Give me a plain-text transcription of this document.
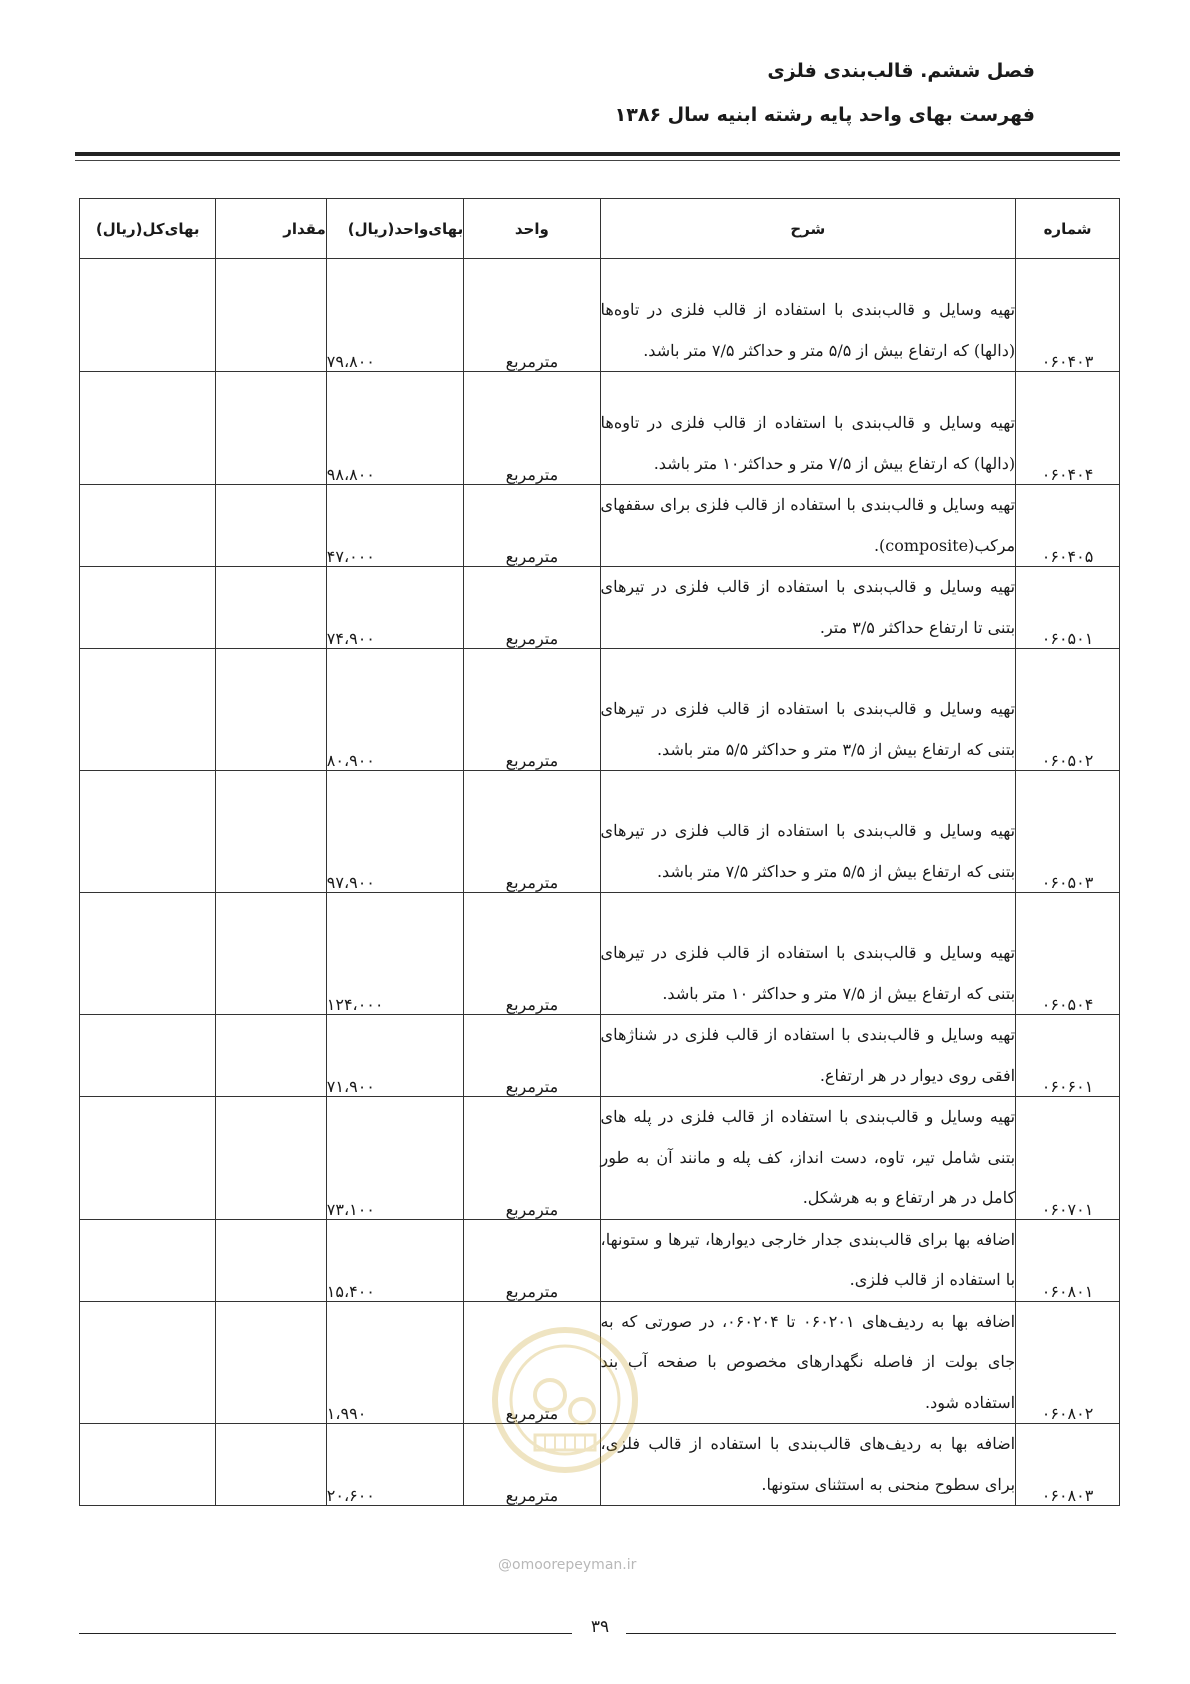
فصل ششم. قالب‌بندی فلزی
فهرست بهای واحد پایه رشته ابنیه سال ۱۳۸۶
شماره	شرح	واحد	بهای‌واحد(ریال)	مقدار	بهای‌کل(ریال)
۰۶۰۴۰۳	تهیه وسایل و قالب‌بندی با استفاده از قالب فلزی در تاوه‌ها (دالها) که ارتفاع بیش از ۵/۵ متر و حداکثر ۷/۵ متر باشد.	مترمربع	۷۹،۸۰۰		
۰۶۰۴۰۴	تهیه وسایل و قالب‌بندی با استفاده از قالب فلزی در تاوه‌ها (دالها) که ارتفاع بیش از ۷/۵ متر و حداکثر۱۰ متر باشد.	مترمربع	۹۸،۸۰۰		
۰۶۰۴۰۵	تهیه وسایل و قالب‌بندی با استفاده از قالب فلزی برای سقفهای مرکب(composite).	مترمربع	۴۷،۰۰۰		
۰۶۰۵۰۱	تهیه وسایل و قالب‌بندی با استفاده از قالب فلزی در تیرهای بتنی تا ارتفاع حداکثر ۳/۵ متر.	مترمربع	۷۴،۹۰۰		
۰۶۰۵۰۲	تهیه وسایل و قالب‌بندی با استفاده از قالب فلزی در تیرهای بتنی که ارتفاع بیش از ۳/۵ متر و حداکثر ۵/۵ متر باشد.	مترمربع	۸۰،۹۰۰		
۰۶۰۵۰۳	تهیه وسایل و قالب‌بندی با استفاده از قالب فلزی در تیرهای بتنی که ارتفاع بیش از ۵/۵ متر و حداکثر ۷/۵ متر باشد.	مترمربع	۹۷،۹۰۰		
۰۶۰۵۰۴	تهیه وسایل و قالب‌بندی با استفاده از قالب فلزی در تیرهای بتنی که ارتفاع بیش از ۷/۵ متر و حداکثر ۱۰ متر باشد.	مترمربع	۱۲۴،۰۰۰		
۰۶۰۶۰۱	تهیه وسایل و قالب‌بندی با استفاده از قالب فلزی در شناژهای افقی روی دیوار در هر ارتفاع.	مترمربع	۷۱،۹۰۰		
۰۶۰۷۰۱	تهیه وسایل و قالب‌بندی با استفاده از قالب فلزی در پله های بتنی شامل تیر، تاوه، دست انداز، کف پله و مانند آن به طور کامل در هر ارتفاع و به هرشکل.	مترمربع	۷۳،۱۰۰		
۰۶۰۸۰۱	اضافه بها برای قالب‌بندی جدار خارجی دیوارها، تیرها و ستونها، با استفاده از قالب فلزی.	مترمربع	۱۵،۴۰۰		
۰۶۰۸۰۲	اضافه بها به ردیف‌های ۰۶۰۲۰۱ تا ۰۶۰۲۰۴، در صورتی که به جای بولت از فاصله نگهدارهای مخصوص با صفحه آب بند استفاده شود.	مترمربع	۱،۹۹۰		
۰۶۰۸۰۳	اضافه بها به ردیف‌های قالب‌بندی با استفاده از قالب فلزی، برای سطوح منحنی به استثنای ستونها.	مترمربع	۲۰،۶۰۰		
@omoorepeyman.ir
۳۹
